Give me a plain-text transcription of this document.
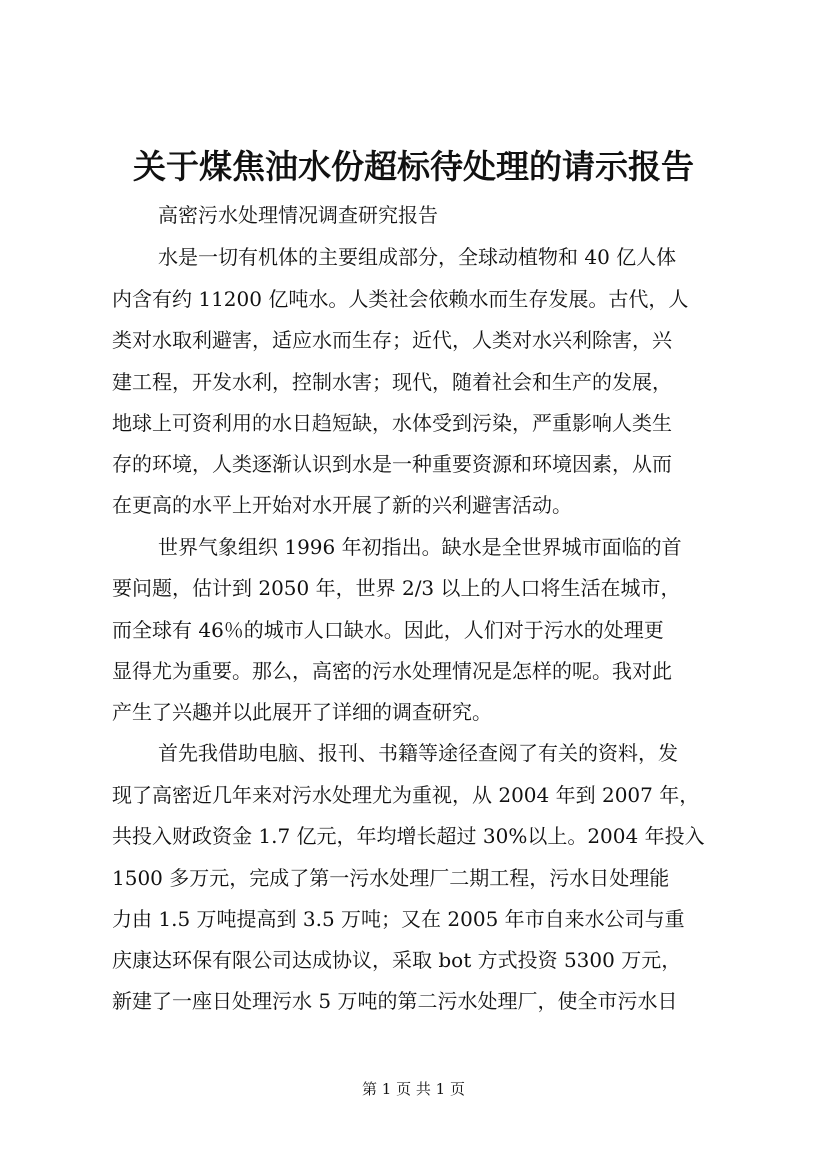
关于煤焦油水份超标待处理的请示报告
高密污水处理情况调查研究报告
水是一切有机体的主要组成部分，全球动植物和 40 亿人体
内含有约 11200 亿吨水。人类社会依赖水而生存发展。古代，人
类对水取利避害，适应水而生存；近代，人类对水兴利除害，兴
建工程，开发水利，控制水害；现代，随着社会和生产的发展，
地球上可资利用的水日趋短缺，水体受到污染，严重影响人类生
存的环境，人类逐渐认识到水是一种重要资源和环境因素，从而
在更高的水平上开始对水开展了新的兴利避害活动。
世界气象组织 1996 年初指出。缺水是全世界城市面临的首
要问题，估计到 2050 年，世界 2/3 以上的人口将生活在城市，
而全球有 46％的城市人口缺水。因此，人们对于污水的处理更
显得尤为重要。那么，高密的污水处理情况是怎样的呢。我对此
产生了兴趣并以此展开了详细的调查研究。
首先我借助电脑、报刊、书籍等途径查阅了有关的资料，发
现了高密近几年来对污水处理尤为重视，从 2004 年到 2007 年，
共投入财政资金 1.7 亿元，年均增长超过 30%以上。2004 年投入
1500 多万元，完成了第一污水处理厂二期工程，污水日处理能
力由 1.5 万吨提高到 3.5 万吨；又在 2005 年市自来水公司与重
庆康达环保有限公司达成协议，采取 bot 方式投资 5300 万元，
新建了一座日处理污水 5 万吨的第二污水处理厂，使全市污水日
第 1 页 共 1 页
